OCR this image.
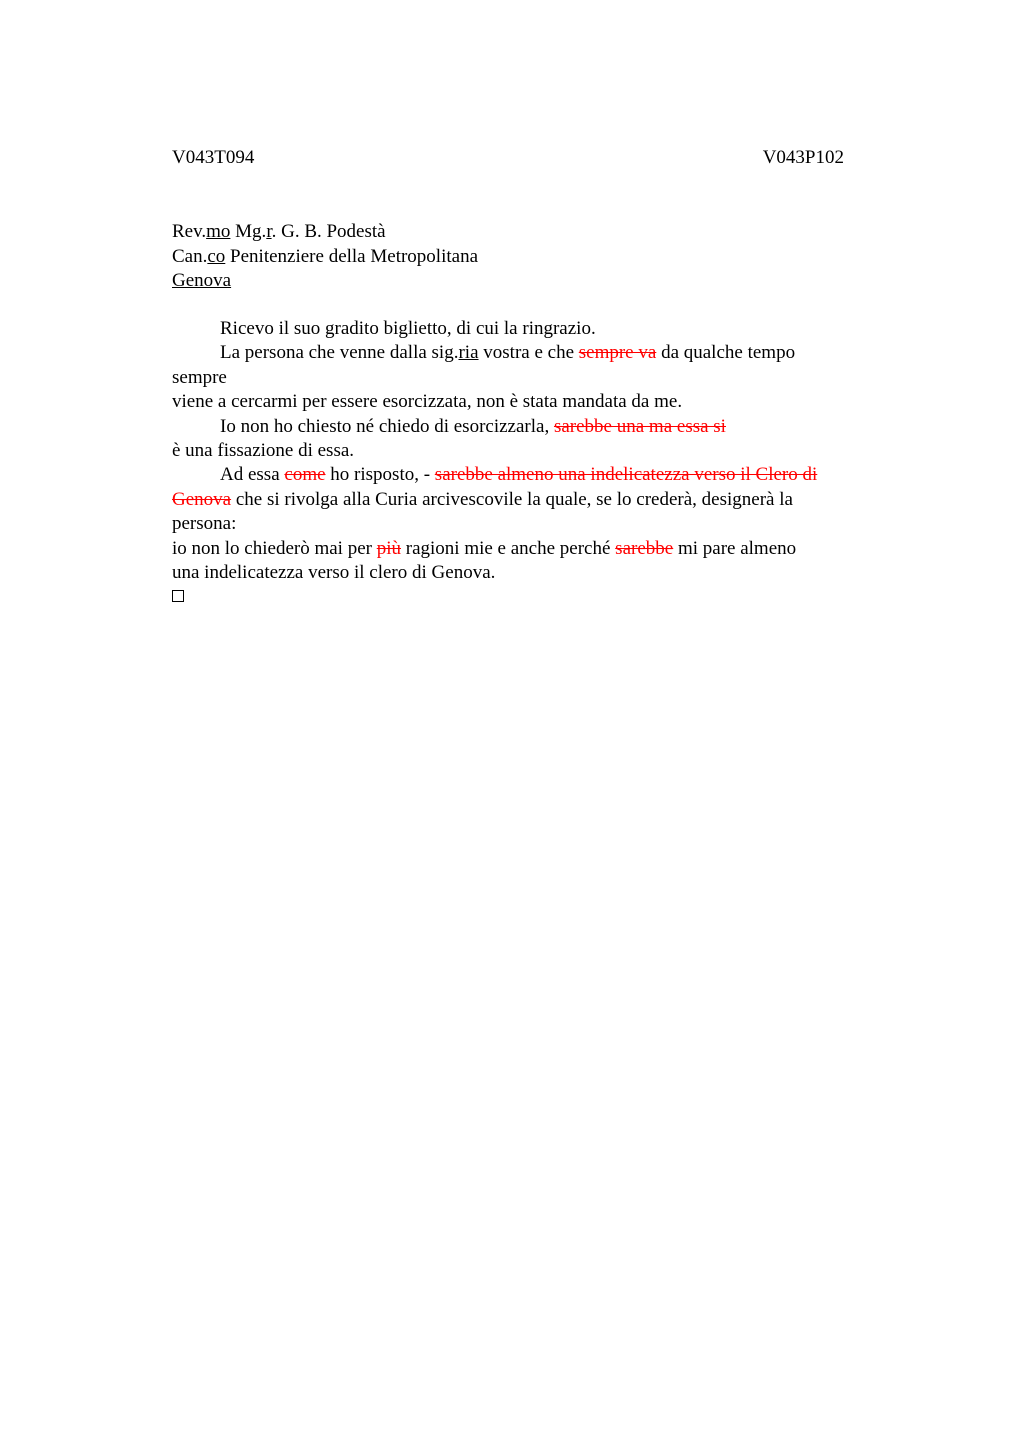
V043T094	V043P102
Rev.mo Mg.r. G. B. Podestà
Can.co Penitenziere della Metropolitana
Genova
Ricevo il suo gradito biglietto, di cui la ringrazio.
La persona che venne dalla sig.ria vostra e che sempre va da qualche tempo
sempre
viene a cercarmi per essere esorcizzata, non è stata mandata da me.
Io non ho chiesto né chiedo di esorcizzarla, sarebbe una ma essa si
è una fissazione di essa.
Ad essa come ho risposto, - sarebbe almeno una indelicatezza verso il Clero di
Genova che si rivolga alla Curia arcivescovile la quale, se lo crederà, designerà la
persona:
io non lo chiederò mai per più ragioni mie e anche perché sarebbe mi pare almeno
una indelicatezza verso il clero di Genova.
